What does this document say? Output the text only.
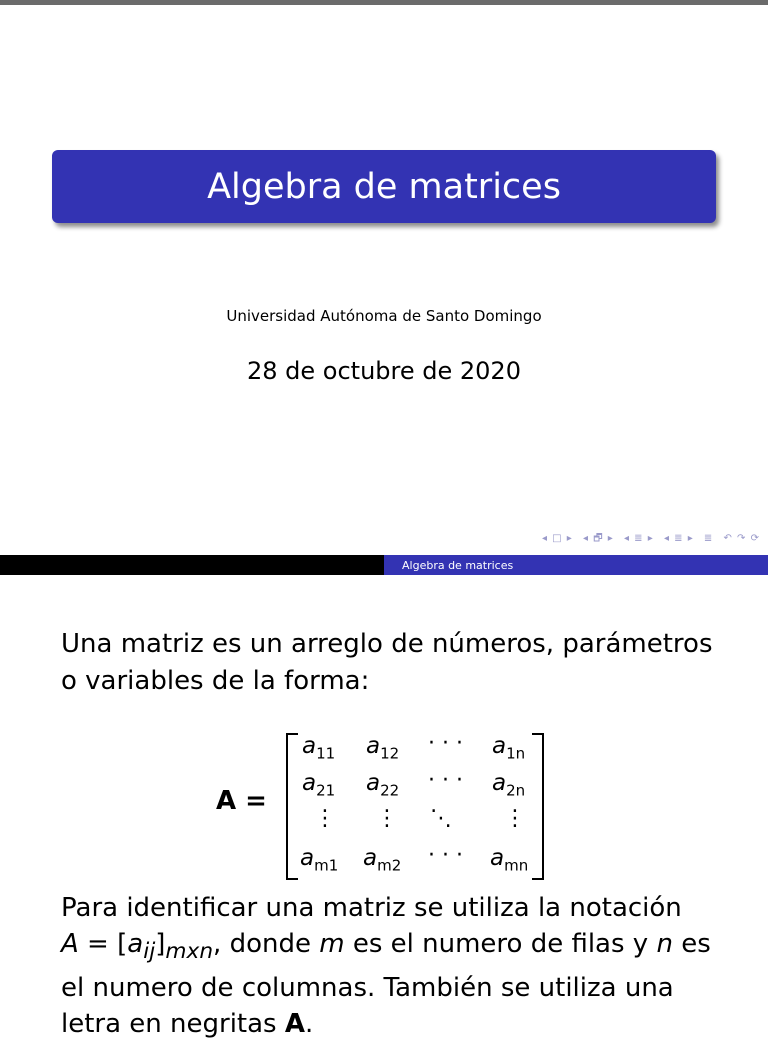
Algebra de matrices
Universidad Autónoma de Santo Domingo
28 de octubre de 2020
◂ □ ▸ ◂ 🗗 ▸ ◂ ≣ ▸ ◂ ≣ ▸ ≣ ↶ ↷ ⟳
Algebra de matrices

Una matriz es un arreglo de números, parámetros o variables de la forma:

A =
$a_{11}$ $a_{12}$ · · · $a_{1n}$
$a_{21}$ $a_{22}$ · · · $a_{2n}$
⋮ ⋮ ⋱ ⋮
$a_{m1}$ $a_{m2}$ · · · $a_{mn}$

Para identificar una matriz se utiliza la notación
$A = [a_{ij}]_{mxn}$, donde m es el numero de filas y n es el numero de columnas. También se utiliza una letra en negritas A.
